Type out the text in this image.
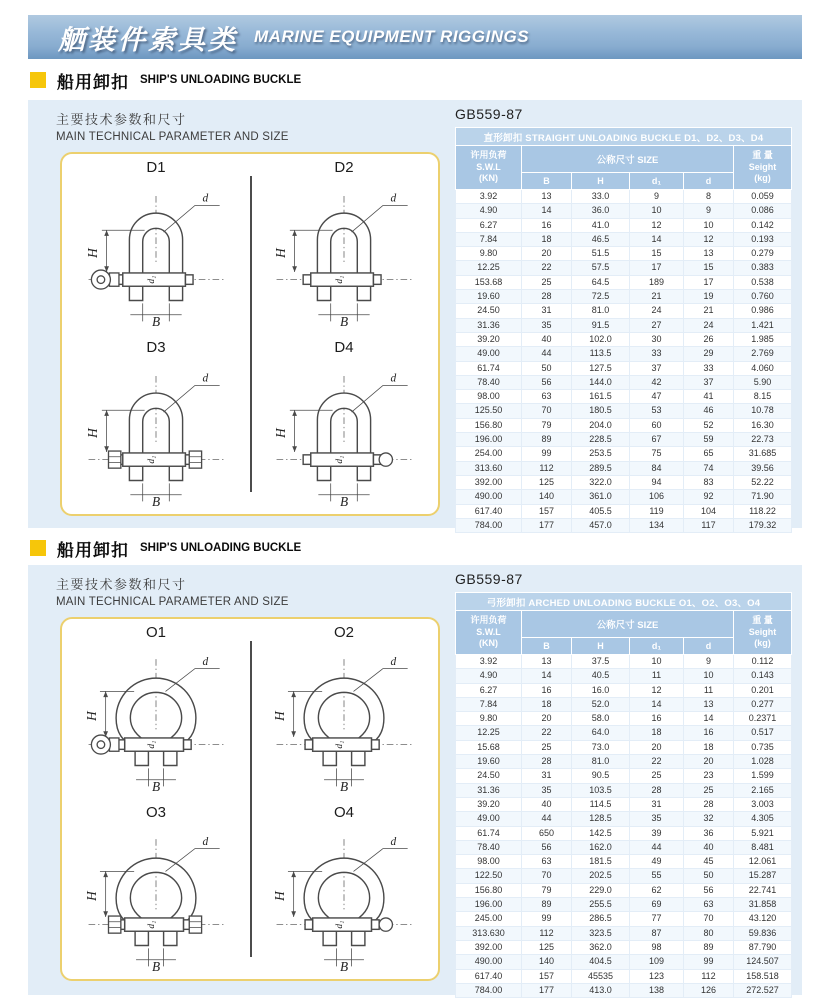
舾装件索具类 MARINE EQUIPMENT RIGGINGS
船用卸扣 SHIP'S UNLOADING BUCKLE
主要技术参数和尺寸
MAIN TECHNICAL PARAMETER AND SIZE
D1
H
B
d
d₁
D2
H
B
d
d₁
D3
H
B
d
d₁
D4
H
B
d
d₁
GB559-87
直形卸扣 STRAIGHT UNLOADING BUCKLE D1、D2、D3、D4					

许用负荷
S.W.L
(KN)	公称尺寸 SIZE				重 量
Seight
(kg)

	B	H	d₁	d	
3.92	13	33.0	9	8	0.059
4.90	14	36.0	10	9	0.086
6.27	16	41.0	12	10	0.142
7.84	18	46.5	14	12	0.193
9.80	20	51.5	15	13	0.279
12.25	22	57.5	17	15	0.383
153.68	25	64.5	189	17	0.538
19.60	28	72.5	21	19	0.760
24.50	31	81.0	24	21	0.986
31.36	35	91.5	27	24	1.421
39.20	40	102.0	30	26	1.985
49.00	44	113.5	33	29	2.769
61.74	50	127.5	37	33	4.060
78.40	56	144.0	42	37	5.90
98.00	63	161.5	47	41	8.15
125.50	70	180.5	53	46	10.78
156.80	79	204.0	60	52	16.30
196.00	89	228.5	67	59	22.73
254.00	99	253.5	75	65	31.685
313.60	112	289.5	84	74	39.56
392.00	125	322.0	94	83	52.22
490.00	140	361.0	106	92	71.90
617.40	157	405.5	119	104	118.22
784.00	177	457.0	134	117	179.32
船用卸扣 SHIP'S UNLOADING BUCKLE
主要技术参数和尺寸
MAIN TECHNICAL PARAMETER AND SIZE
O1
H
B
d
d₁
O2
H
B
d
d₁
O3
H
B
d
d₁
O4
H
B
d
d₁
GB559-87
弓形卸扣 ARCHED UNLOADING BUCKLE O1、O2、O3、O4					

许用负荷
S.W.L
(KN)	公称尺寸 SIZE				重 量
Seight
(kg)

	B	H	d₁	d	
3.92	13	37.5	10	9	0.112
4.90	14	40.5	11	10	0.143
6.27	16	16.0	12	11	0.201
7.84	18	52.0	14	13	0.277
9.80	20	58.0	16	14	0.2371
12.25	22	64.0	18	16	0.517
15.68	25	73.0	20	18	0.735
19.60	28	81.0	22	20	1.028
24.50	31	90.5	25	23	1.599
31.36	35	103.5	28	25	2.165
39.20	40	114.5	31	28	3.003
49.00	44	128.5	35	32	4.305
61.74	650	142.5	39	36	5.921
78.40	56	162.0	44	40	8.481
98.00	63	181.5	49	45	12.061
122.50	70	202.5	55	50	15.287
156.80	79	229.0	62	56	22.741
196.00	89	255.5	69	63	31.858
245.00	99	286.5	77	70	43.120
313.630	112	323.5	87	80	59.836
392.00	125	362.0	98	89	87.790
490.00	140	404.5	109	99	124.507
617.40	157	45535	123	112	158.518
784.00	177	413.0	138	126	272.527
